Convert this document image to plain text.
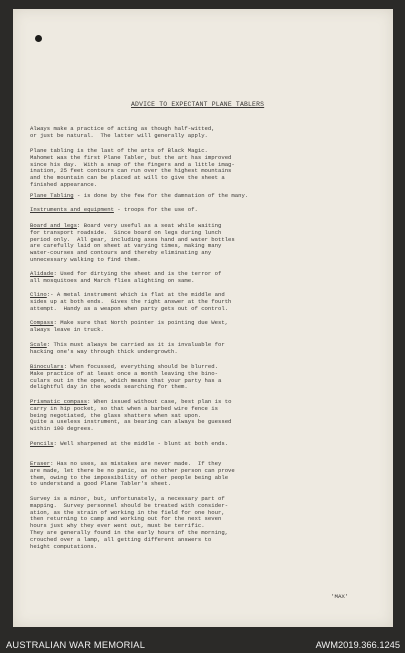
ADVICE TO EXPECTANT PLANE TABLERS

Always make a practice of acting as though half-witted,
or just be natural.  The latter will generally apply.

Plane tabling is the last of the arts of Black Magic.
Mahomet was the first Plane Tabler, but the art has improved
since his day.  With a snap of the fingers and a little imag-
ination, 25 feet contours can run over the highest mountains
and the mountain can be placed at will to give the sheet a
finished appearance.

Plane Tabling - is done by the few for the damnation of the many.

Instruments and equipment - troops for the use of.

Board and legs: Board very useful as a seat while waiting
for transport roadside.  Since board on legs during lunch
period only.  All gear, including axes hand and water bottles
are carefully laid on sheet at varying times, making many
water-courses and contours and thereby eliminating any
unnecessary walking to find them.

Alidade: Used for dirtying the sheet and is the terror of
all mosquitoes and March flies alighting on same.

Clino:- A metal instrument which is flat at the middle and
sides up at both ends.  Gives the right answer at the fourth
attempt.  Handy as a weapon when party gets out of control.

Compass: Make sure that North pointer is pointing due West,
always leave in truck.

Scale: This must always be carried as it is invaluable for
hacking one's way through thick undergrowth.

Binoculars: When focussed, everything should be blurred.
Make practice of at least once a month leaving the bino-
culars out in the open, which means that your party has a
delightful day in the woods searching for them.

Prismatic compass: When issued without case, best plan is to
carry in hip pocket, so that when a barbed wire fence is
being negotiated, the glass shatters when sat upon.
Quite a useless instrument, as bearing can always be guessed
within 100 degrees.

Pencils: Well sharpened at the middle - blunt at both ends.

Eraser: Has no uses, as mistakes are never made.  If they
are made, let there be no panic, as no other person can prove
them, owing to the impossibility of other people being able
to understand a good Plane Tabler's sheet.

Survey is a minor, but, unfortunately, a necessary part of
mapping.  Survey personnel should be treated with consider-
ation, as the strain of working in the field for one hour,
then returning to camp and working out for the next seven
hours just why they ever went out, must be terrific.
They are generally found in the early hours of the morning,
crouched over a lamp, all getting different answers to
height computations.

'MAX'
AUSTRALIAN WAR MEMORIAL	AWM2019.366.1245
